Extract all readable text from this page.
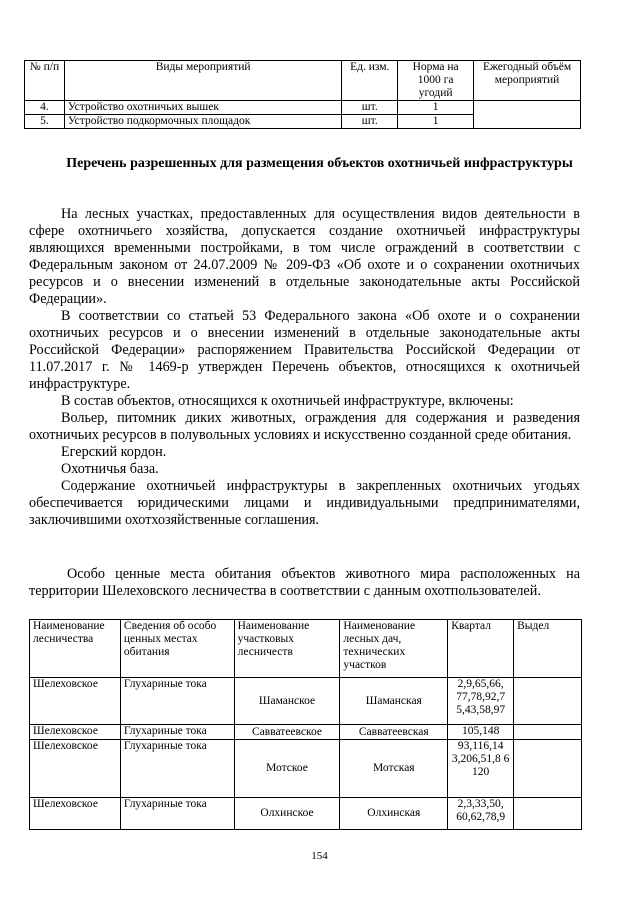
№ п/п	Виды мероприятий	Ед. изм.	Норма на 1000 га угодий	Ежегодный объём мероприятий
4.	Устройство охотничьих вышек	шт.	1	
5.	Устройство подкормочных площадок	шт.	1	
Перечень разрешенных для размещения объектов охотничьей инфраструктуры

На лесных участках, предоставленных для осуществления видов деятельности в сфере охотничьего хозяйства, допускается создание охотничьей инфраструктуры являющихся временными постройками, в том числе ограждений в соответствии с Федеральным законом от 24.07.2009 № 209-ФЗ «Об охоте и о сохранении охотничьих ресурсов и о внесении изменений в отдельные законодательные акты Российской Федерации».

В соответствии со статьей 53 Федерального закона «Об охоте и о сохранении охотничьих ресурсов и о внесении изменений в отдельные законодательные акты Российской Федерации» распоряжением Правительства Российской Федерации от 11.07.2017 г. № 1469-р утвержден Перечень объектов, относящихся к охотничьей инфраструктуре.

В состав объектов, относящихся к охотничьей инфраструктуре, включены:

Вольер, питомник диких животных, ограждения для содержания и разведения охотничьих ресурсов в полувольных условиях и искусственно созданной среде обитания.

Егерский кордон.

Охотничья база.

Содержание охотничьей инфраструктуры в закрепленных охотничьих угодьях обеспечивается юридическими лицами и индивидуальными предпринимателями, заключившими охотхозяйственные соглашения.

Особо ценные места обитания объектов животного мира расположенных на территории Шелеховского лесничества в соответствии с данным охотпользователей.

Наименование лесничества	Сведения об особо ценных местах обитания	Наименование участковых лесничеств	Наименование лесных дач, технических участков	Квартал	Выдел
Шелеховское	Глухариные тока	Шаманское	Шаманская	2,9,65,66, 77,78,92,7 5,43,58,97	
Шелеховское	Глухариные тока	Савватеевское	Савватеевская	105,148	
Шелеховское	Глухариные тока	Мотское	Мотская	93,116,14 3,206,51,8 6 120	
Шелеховское	Глухариные тока	Олхинское	Олхинская	2,3,33,50, 60,62,78,9	
154
